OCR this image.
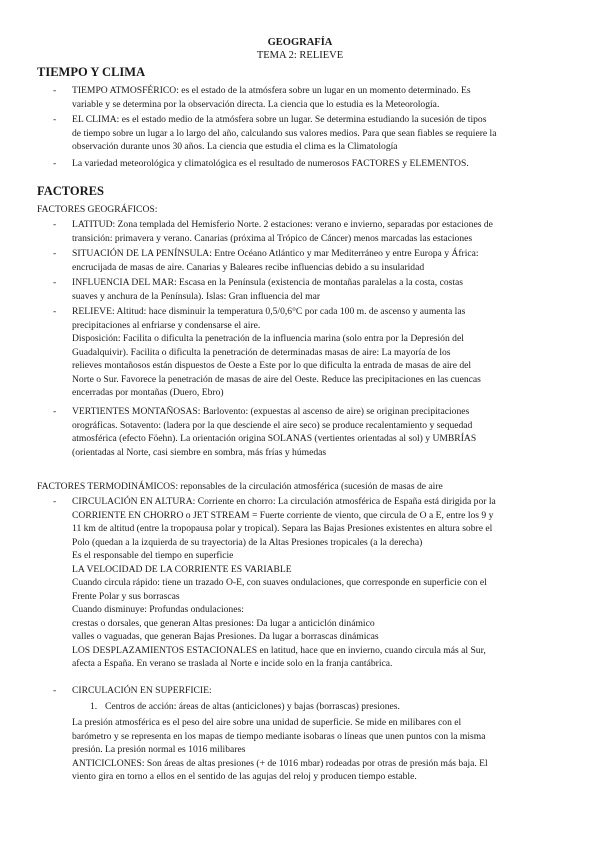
GEOGRAFÍA
TEMA 2: RELIEVE
TIEMPO Y CLIMA
-	TIEMPO ATMOSFÉRICO: es el estado de la atmósfera sobre un lugar en un momento determinado. Es
variable y se determina por la observación directa. La ciencia que lo estudia es la Meteorología.
-	EL CLIMA: es el estado medio de la atmósfera sobre un lugar. Se determina estudiando la sucesión de tipos
de tiempo sobre un lugar a lo largo del año, calculando sus valores medios. Para que sean fiables se requiere la
observación durante unos 30 años. La ciencia que estudia el clima es la Climatología
-	La variedad meteorológica y climatológica es el resultado de numerosos FACTORES y ELEMENTOS.
FACTORES
FACTORES GEOGRÁFICOS:
-	LATITUD: Zona templada del Hemisferio Norte. 2 estaciones: verano e invierno, separadas por estaciones de
transición: primavera y verano. Canarias (próxima al Trópico de Cáncer) menos marcadas las estaciones
-	SITUACIÓN DE LA PENÍNSULA: Entre Océano Atlántico y mar Mediterráneo y entre Europa y África:
encrucijada de masas de aire. Canarias y Baleares recibe influencias debido a su insularidad
-	INFLUENCIA DEL MAR: Escasa en la Península (existencia de montañas paralelas a la costa, costas
suaves y anchura de la Península). Islas: Gran influencia del mar
-	RELIEVE: Altitud: hace disminuir la temperatura 0,5/0,6°C por cada 100 m. de ascenso y aumenta las
precipitaciones al enfriarse y condensarse el aire.
Disposición: Facilita o dificulta la penetración de la influencia marina (solo entra por la Depresión del
Guadalquivir). Facilita o dificulta la penetración de determinadas masas de aire: La mayoría de los
relieves montañosos están dispuestos de Oeste a Este por lo que dificulta la entrada de masas de aire del
Norte o Sur. Favorece la penetración de masas de aire del Oeste. Reduce las precipitaciones en las cuencas
encerradas por montañas (Duero, Ebro)
-	VERTIENTES MONTAÑOSAS: Barlovento: (expuestas al ascenso de aire) se originan precipitaciones
orográficas. Sotavento: (ladera por la que desciende el aire seco) se produce recalentamiento y sequedad
atmosférica (efecto Föehn). La orientación origina SOLANAS (vertientes orientadas al sol) y UMBRÍAS
(orientadas al Norte, casi siembre en sombra, más frías y húmedas
FACTORES TERMODINÁMICOS: reponsables de la circulación atmosférica (sucesión de masas de aire
-	CIRCULACIÓN EN ALTURA: Corriente en chorro: La circulación atmosférica de España está dirigida por la
CORRIENTE EN CHORRO o JET STREAM = Fuerte corriente de viento, que circula de O a E, entre los 9 y
11 km de altitud (entre la tropopausa polar y tropical). Separa las Bajas Presiones existentes en altura sobre el
Polo (quedan a la izquierda de su trayectoria) de la Altas Presiones tropicales (a la derecha)
Es el responsable del tiempo en superficie
LA VELOCIDAD DE LA CORRIENTE ES VARIABLE
Cuando circula rápido: tiene un trazado O-E, con suaves ondulaciones, que corresponde en superficie con el
Frente Polar y sus borrascas
Cuando disminuye: Profundas ondulaciones:
crestas o dorsales, que generan Altas presiones: Da lugar a anticiclón dinámico
valles o vaguadas, que generan Bajas Presiones. Da lugar a borrascas dinámicas
LOS DESPLAZAMIENTOS ESTACIONALES en latitud, hace que en invierno, cuando circula más al Sur,
afecta a España. En verano se traslada al Norte e incide solo en la franja cantábrica.
-	CIRCULACIÓN EN SUPERFICIE:
1. Centros de acción: áreas de altas (anticiclones) y bajas (borrascas) presiones.
La presión atmosférica es el peso del aire sobre una unidad de superficie. Se mide en milibares con el
barómetro y se representa en los mapas de tiempo mediante isobaras o líneas que unen puntos con la misma
presión. La presión normal es 1016 milibares
ANTICICLONES: Son áreas de altas presiones (+ de 1016 mbar) rodeadas por otras de presión más baja. El
viento gira en torno a ellos en el sentido de las agujas del reloj y producen tiempo estable.
